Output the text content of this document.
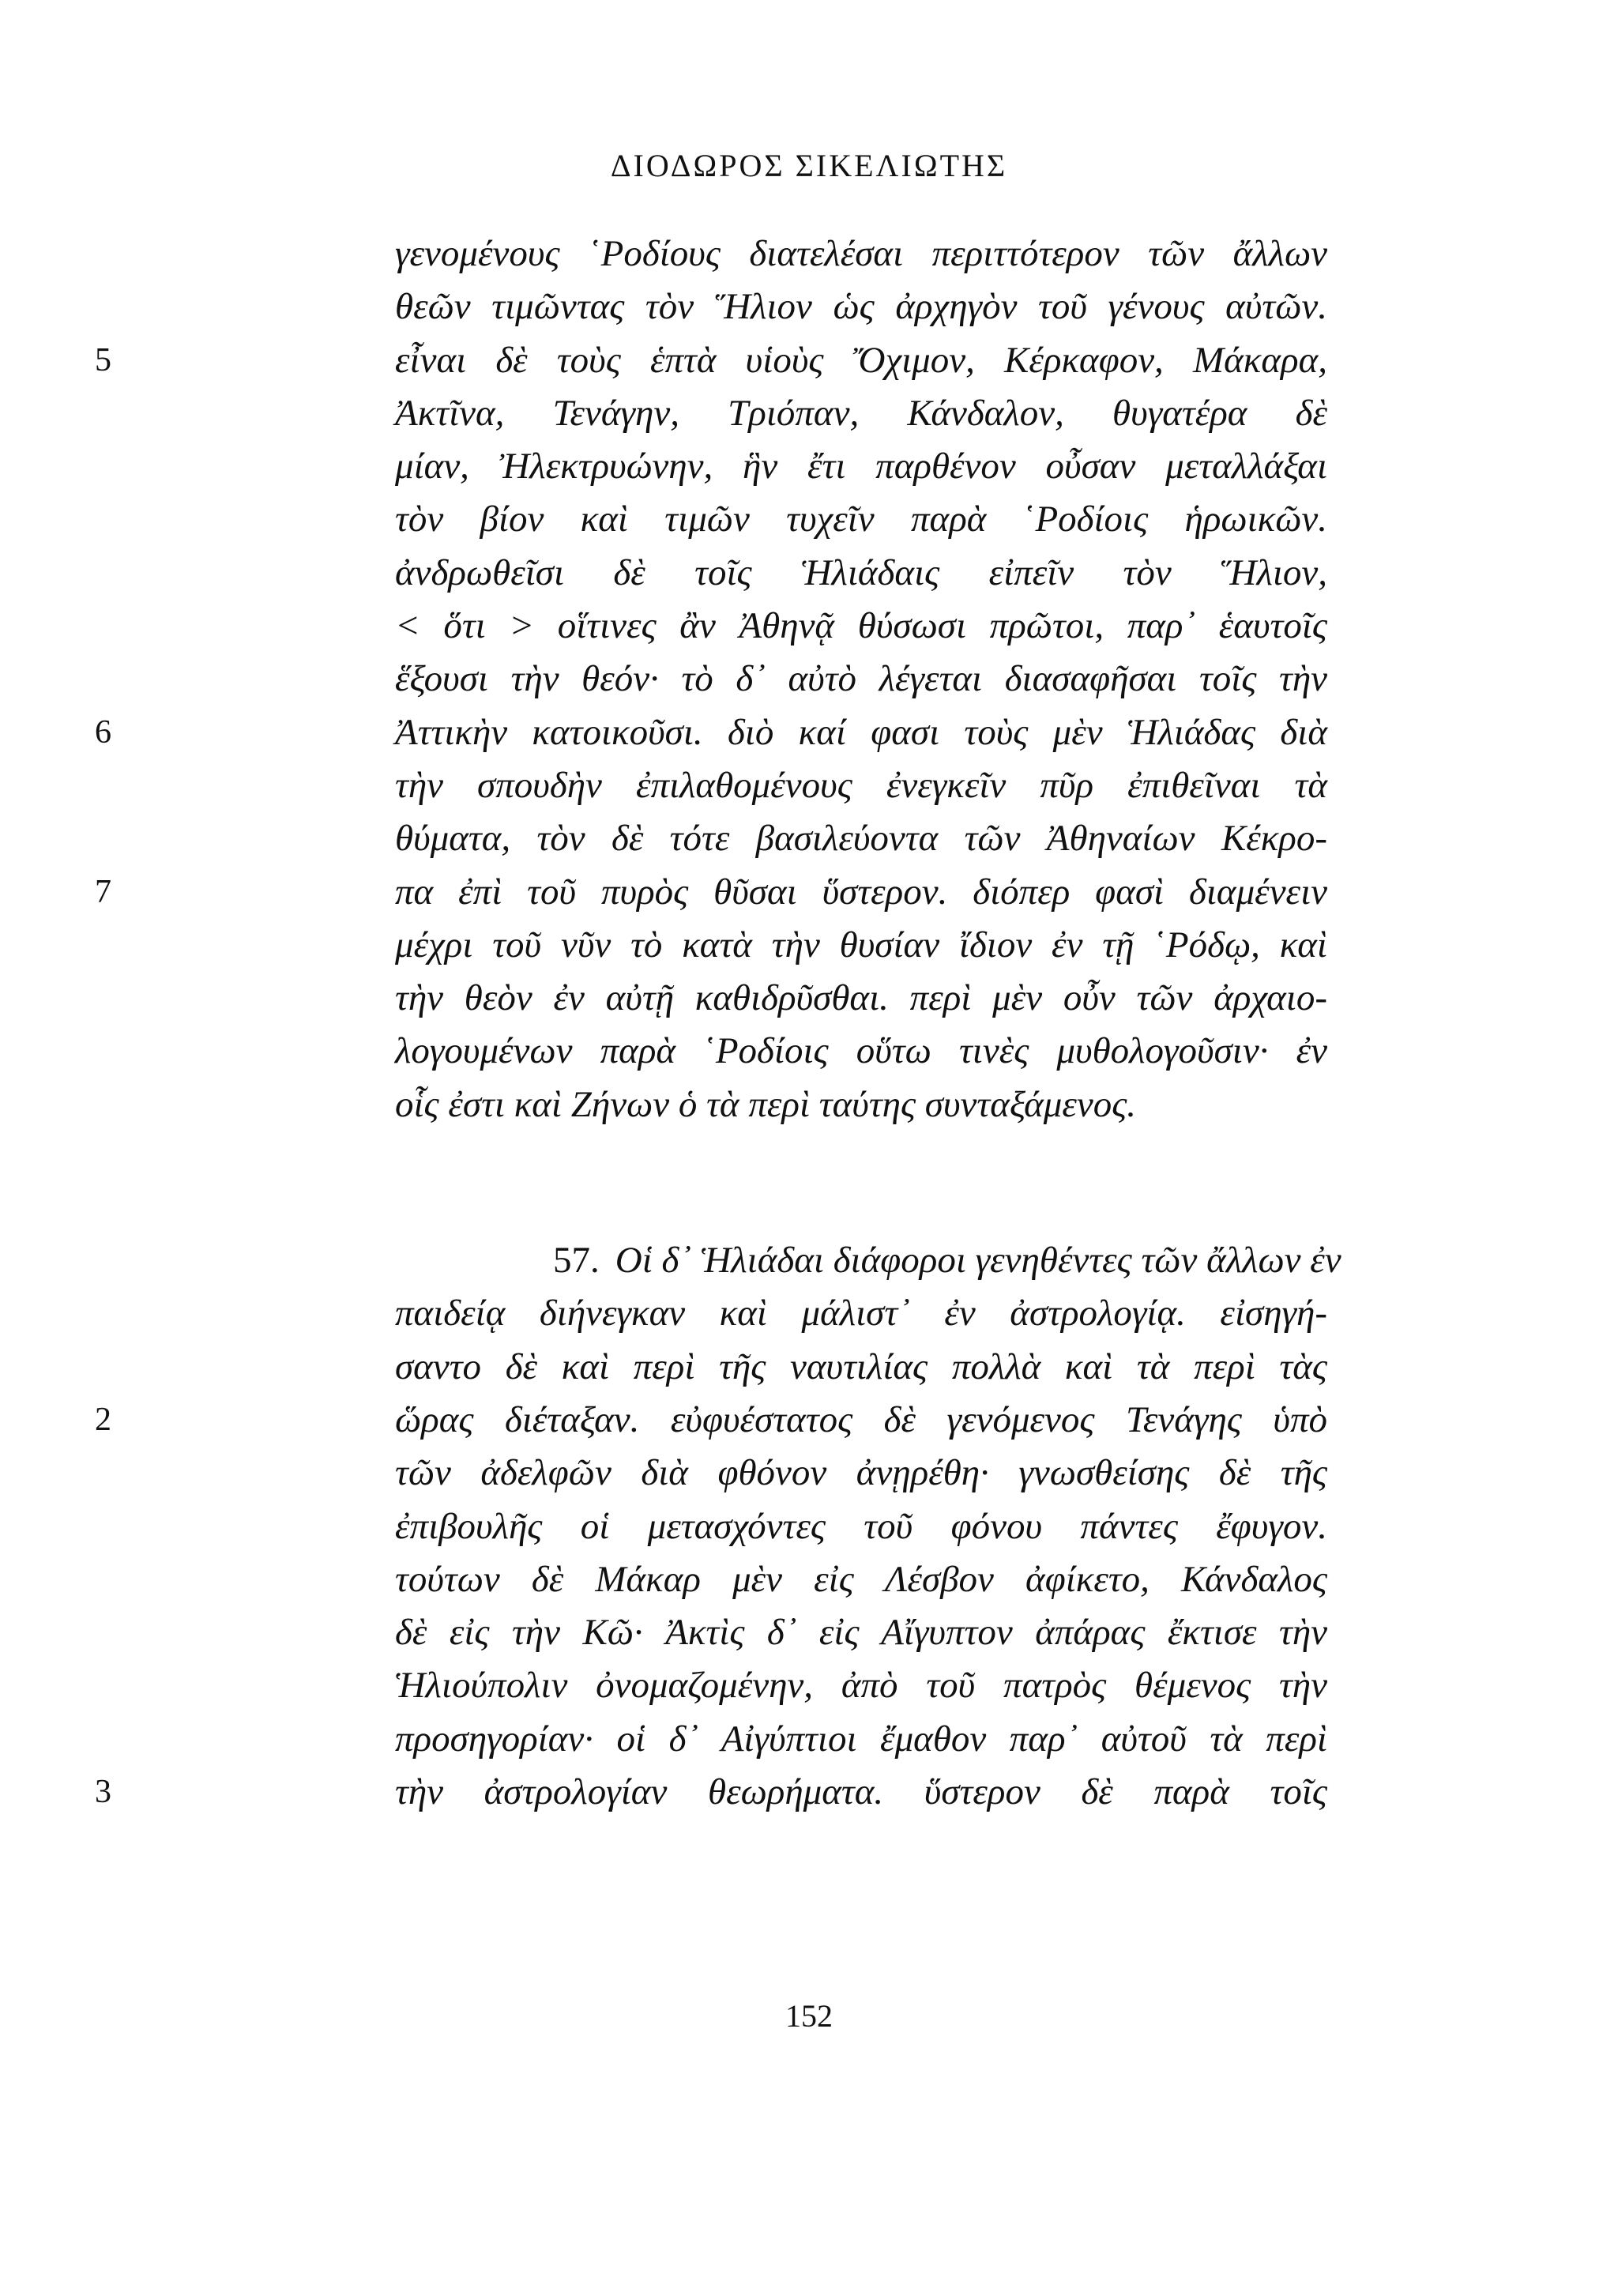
ΔΙΟΔΩΡΟΣ ΣΙΚΕΛΙΩΤΗΣ
γενομένους ῾Ροδίους διατελέσαι περιττότερον τῶν ἄλλων
θεῶν τιμῶντας τὸν Ἥλιον ὡς ἀρχηγὸν τοῦ γένους αὐτῶν.
5	εἶναι δὲ τοὺς ἑπτὰ υἱοὺς Ὄχιμον, Κέρκαφον, Μάκαρα,
Ἀκτῖνα, Τενάγην, Τριόπαν, Κάνδαλον, θυγατέρα δὲ
μίαν, Ἠλεκτρυώνην, ἣν ἔτι παρθένον οὖσαν μεταλλάξαι
τὸν βίον καὶ τιμῶν τυχεῖν παρὰ ῾Ροδίοις ἡρωικῶν.
ἀνδρωθεῖσι δὲ τοῖς Ἡλιάδαις εἰπεῖν τὸν Ἥλιον,
< ὅτι > οἵτινες ἂν Ἀθηνᾷ θύσωσι πρῶτοι, παρ᾽ ἑαυτοῖς
ἕξουσι τὴν θεόν· τὸ δ᾽ αὐτὸ λέγεται διασαφῆσαι τοῖς τὴν
6	Ἀττικὴν κατοικοῦσι. διὸ καί φασι τοὺς μὲν Ἡλιάδας διὰ
τὴν σπουδὴν ἐπιλαθομένους ἐνεγκεῖν πῦρ ἐπιθεῖναι τὰ
θύματα, τὸν δὲ τότε βασιλεύοντα τῶν Ἀθηναίων Κέκρο-
7	πα ἐπὶ τοῦ πυρὸς θῦσαι ὕστερον. διόπερ φασὶ διαμένειν
μέχρι τοῦ νῦν τὸ κατὰ τὴν θυσίαν ἴδιον ἐν τῇ ῾Ρόδῳ, καὶ
τὴν θεὸν ἐν αὐτῇ καθιδρῦσθαι. περὶ μὲν οὖν τῶν ἀρχαιο-
λογουμένων παρὰ ῾Ροδίοις οὕτω τινὲς μυθολογοῦσιν· ἐν
οἷς ἐστι καὶ Ζήνων ὁ τὰ περὶ ταύτης συνταξάμενος.
57. Οἱ δ᾽ Ἡλιάδαι διάφοροι γενηθέντες τῶν ἄλλων ἐν
παιδείᾳ διήνεγκαν καὶ μάλιστ᾽ ἐν ἀστρολογίᾳ. εἰσηγή-
σαντο δὲ καὶ περὶ τῆς ναυτιλίας πολλὰ καὶ τὰ περὶ τὰς
2	ὥρας διέταξαν. εὐφυέστατος δὲ γενόμενος Τενάγης ὑπὸ
τῶν ἀδελφῶν διὰ φθόνον ἀνῃρέθη· γνωσθείσης δὲ τῆς
ἐπιβουλῆς οἱ μετασχόντες τοῦ φόνου πάντες ἔφυγον.
τούτων δὲ Μάκαρ μὲν εἰς Λέσβον ἀφίκετο, Κάνδαλος
δὲ εἰς τὴν Κῶ· Ἀκτὶς δ᾽ εἰς Αἴγυπτον ἀπάρας ἔκτισε τὴν
Ἡλιούπολιν ὀνομαζομένην, ἀπὸ τοῦ πατρὸς θέμενος τὴν
προσηγορίαν· οἱ δ᾽ Αἰγύπτιοι ἔμαθον παρ᾽ αὐτοῦ τὰ περὶ
3	τὴν ἀστρολογίαν θεωρήματα. ὕστερον δὲ παρὰ τοῖς
152
